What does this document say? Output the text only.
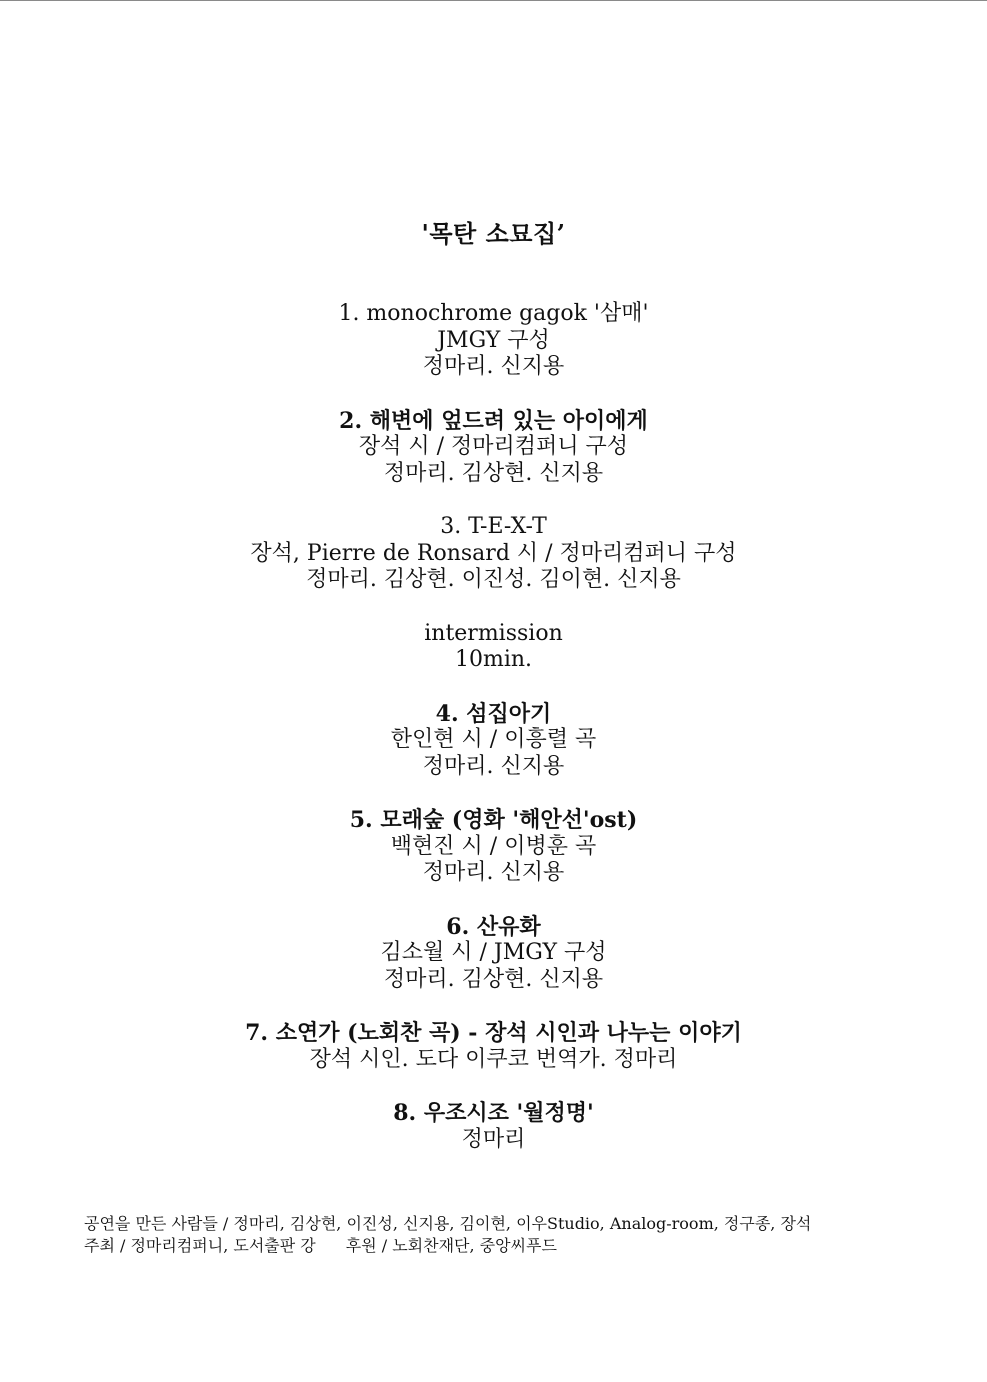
'목탄 소묘집’
1. monochrome gagok '삼매'
JMGY 구성
정마리. 신지용
2. 해변에 엎드려 있는 아이에게
장석 시 / 정마리컴퍼니 구성
정마리. 김상현. 신지용
3. T-E-X-T
장석, Pierre de Ronsard 시 / 정마리컴퍼니 구성
정마리. 김상현. 이진성. 김이현. 신지용
intermission
10min.
4. 섬집아기
한인현 시 / 이흥렬 곡
정마리. 신지용
5. 모래숲 (영화 '해안선'ost)
백현진 시 / 이병훈 곡
정마리. 신지용
6. 산유화
김소월 시 / JMGY 구성
정마리. 김상현. 신지용
7. 소연가 (노회찬 곡) - 장석 시인과 나누는 이야기
장석 시인. 도다 이쿠코 번역가. 정마리
8. 우조시조 '월정명'
정마리
공연을 만든 사람들 / 정마리, 김상현, 이진성, 신지용, 김이현, 이우Studio, Analog-room, 정구종, 장석
주최 / 정마리컴퍼니, 도서출판 강 후원 / 노회찬재단, 중앙씨푸드
